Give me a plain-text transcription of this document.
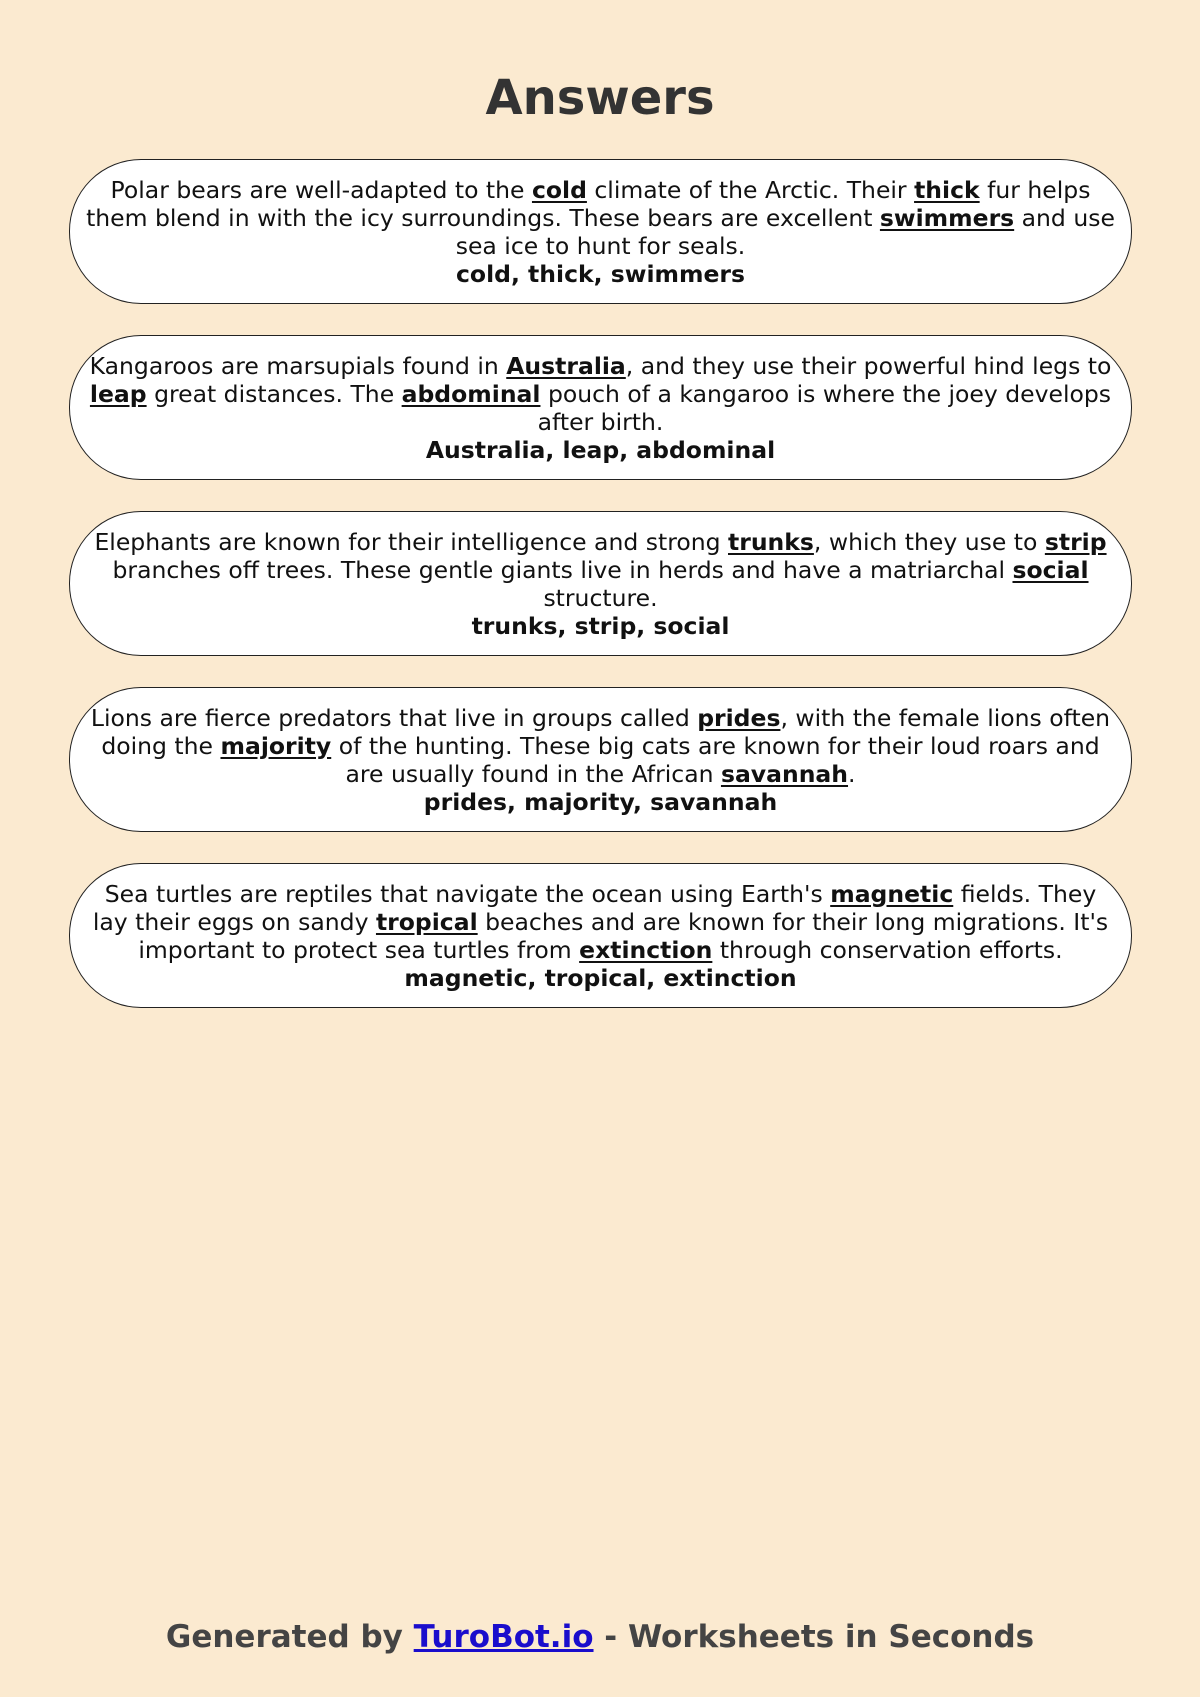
Answers
Polar bears are well-adapted to the cold climate of the Arctic. Their thick fur helps them blend in with the icy surroundings. These bears are excellent swimmers and use sea ice to hunt for seals.
cold, thick, swimmers
Kangaroos are marsupials found in Australia, and they use their powerful hind legs to leap great distances. The abdominal pouch of a kangaroo is where the joey develops after birth.
Australia, leap, abdominal
Elephants are known for their intelligence and strong trunks, which they use to strip branches off trees. These gentle giants live in herds and have a matriarchal social structure.
trunks, strip, social
Lions are fierce predators that live in groups called prides, with the female lions often doing the majority of the hunting. These big cats are known for their loud roars and are usually found in the African savannah.
prides, majority, savannah
Sea turtles are reptiles that navigate the ocean using Earth's magnetic fields. They lay their eggs on sandy tropical beaches and are known for their long migrations. It's important to protect sea turtles from extinction through conservation efforts.
magnetic, tropical, extinction
Generated by TuroBot.io - Worksheets in Seconds
